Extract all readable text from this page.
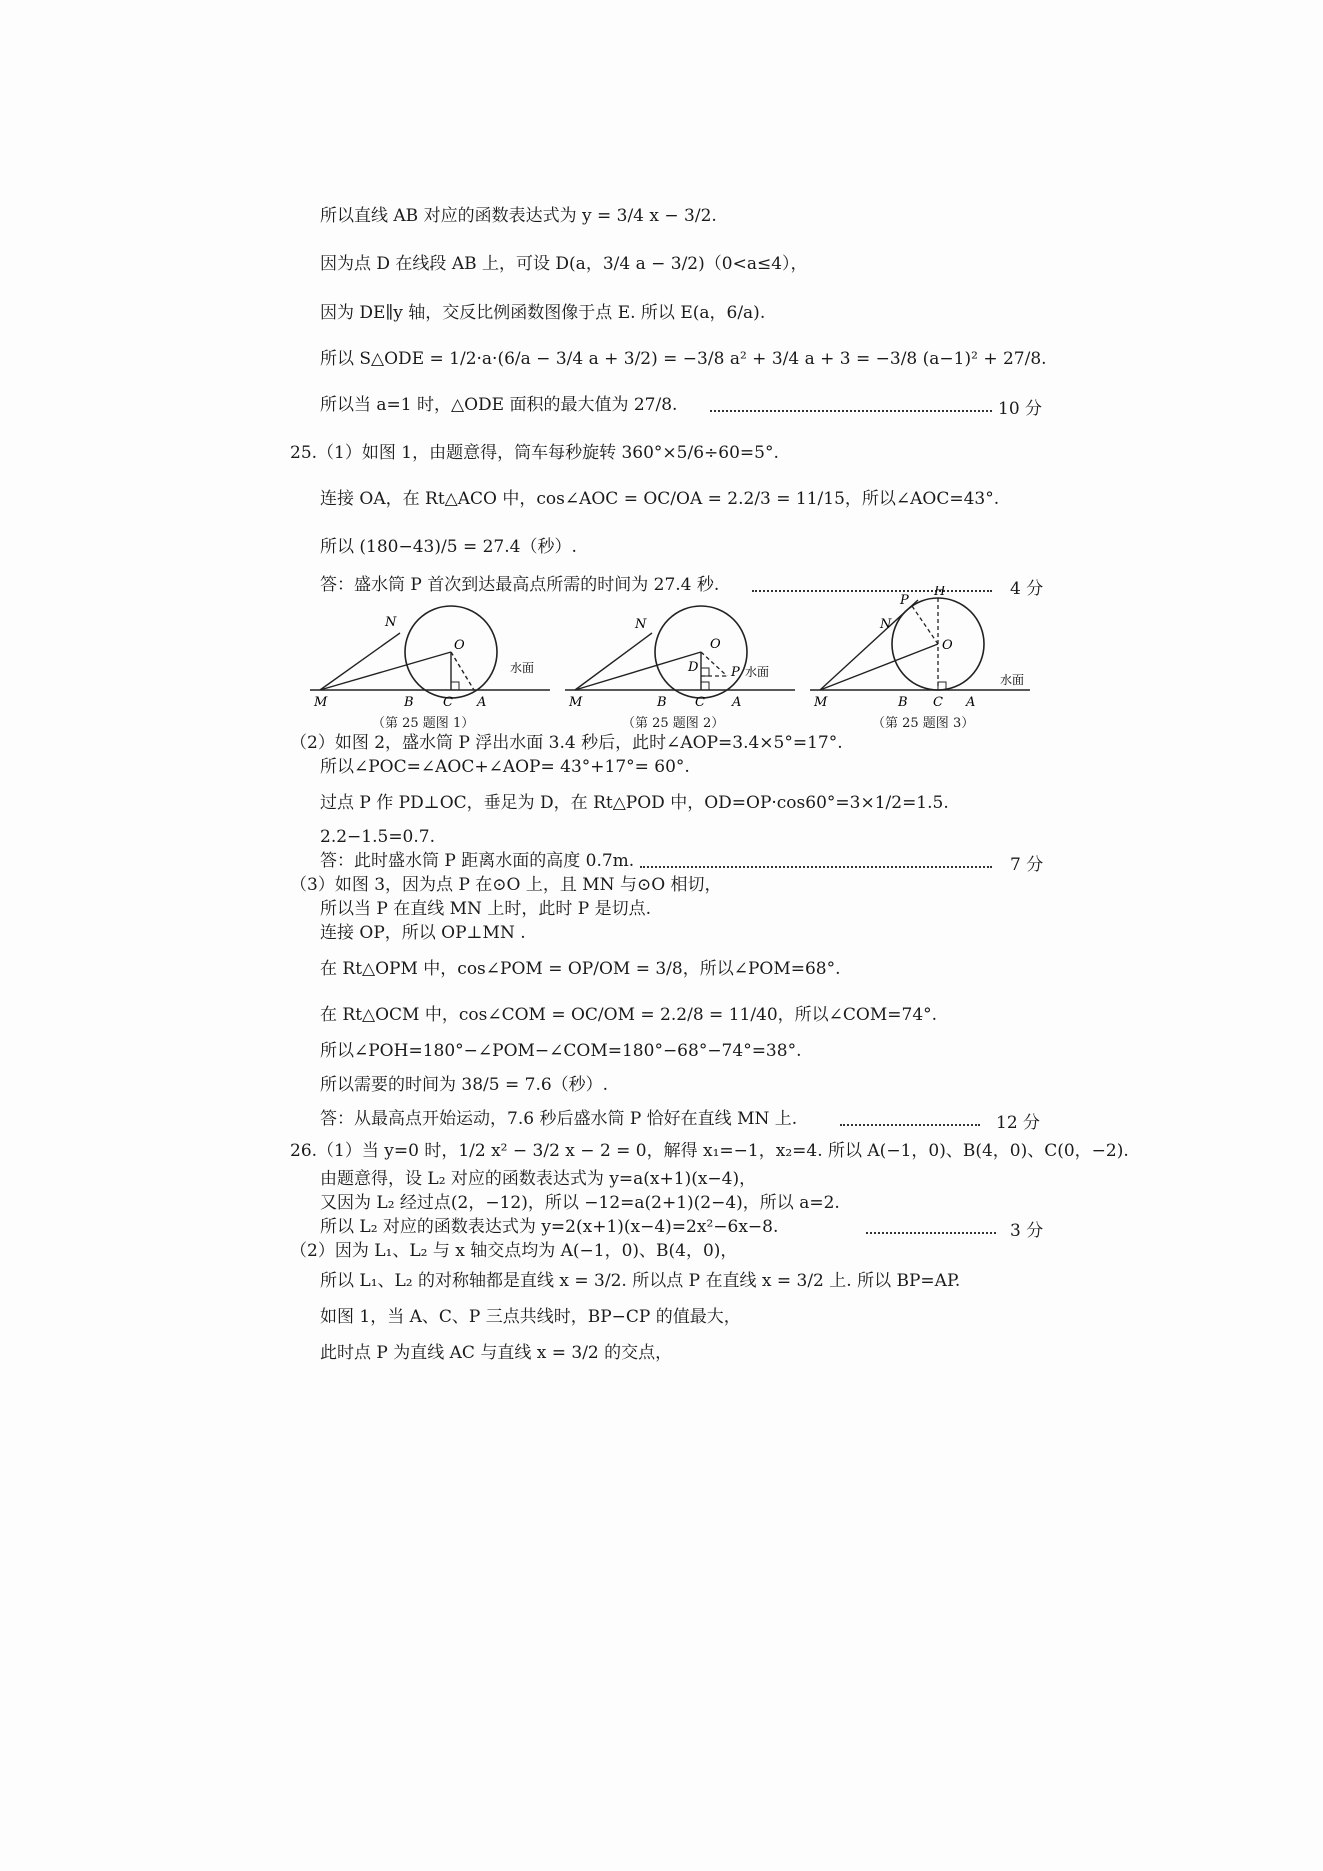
所以直线 AB 对应的函数表达式为 y = 3/4 x − 3/2.
因为点 D 在线段 AB 上，可设 D(a，3/4 a − 3/2)（0<a≤4），
因为 DE∥y 轴，交反比例函数图像于点 E. 所以 E(a，6/a).
所以 S△ODE = 1/2·a·(6/a − 3/4 a + 3/2) = −3/8 a² + 3/4 a + 3 = −3/8 (a−1)² + 27/8.
所以当 a=1 时，△ODE 面积的最大值为 27/8.	10 分
25.（1）如图 1，由题意得，筒车每秒旋转 360°×5/6÷60=5°.
连接 OA，在 Rt△ACO 中，cos∠AOC = OC/OA = 2.2/3 = 11/15，所以∠AOC=43°.
所以 (180−43)/5 = 27.4（秒）.
答：盛水筒 P 首次到达最高点所需的时间为 27.4 秒.	4 分
N
O
M	B C A
水面
（第 25 题图 1）
N
O
D	P
M	B C A
水面
（第 25 题图 2）
P
H
N
O
M	B C A
水面
（第 25 题图 3）
（2）如图 2，盛水筒 P 浮出水面 3.4 秒后，此时∠AOP=3.4×5°=17°.
所以∠POC=∠AOC+∠AOP= 43°+17°= 60°.
过点 P 作 PD⊥OC，垂足为 D，在 Rt△POD 中，OD=OP·cos60°=3×1/2=1.5.
2.2−1.5=0.7.
答：此时盛水筒 P 距离水面的高度 0.7m.	7 分
（3）如图 3，因为点 P 在⊙O 上，且 MN 与⊙O 相切，
所以当 P 在直线 MN 上时，此时 P 是切点.
连接 OP，所以 OP⊥MN .
在 Rt△OPM 中，cos∠POM = OP/OM = 3/8，所以∠POM=68°.
在 Rt△OCM 中，cos∠COM = OC/OM = 2.2/8 = 11/40，所以∠COM=74°.
所以∠POH=180°−∠POM−∠COM=180°−68°−74°=38°.
所以需要的时间为 38/5 = 7.6（秒）.
答：从最高点开始运动，7.6 秒后盛水筒 P 恰好在直线 MN 上.	12 分
26.（1）当 y=0 时，1/2 x² − 3/2 x − 2 = 0，解得 x₁=−1，x₂=4. 所以 A(−1，0)、B(4，0)、C(0，−2).
由题意得，设 L₂ 对应的函数表达式为 y=a(x+1)(x−4)，
又因为 L₂ 经过点(2，−12)，所以 −12=a(2+1)(2−4)，所以 a=2.
所以 L₂ 对应的函数表达式为 y=2(x+1)(x−4)=2x²−6x−8.	3 分
（2）因为 L₁、L₂ 与 x 轴交点均为 A(−1，0)、B(4，0)，
所以 L₁、L₂ 的对称轴都是直线 x = 3/2. 所以点 P 在直线 x = 3/2 上. 所以 BP=AP.
如图 1，当 A、C、P 三点共线时，BP−CP 的值最大，
此时点 P 为直线 AC 与直线 x = 3/2 的交点，
